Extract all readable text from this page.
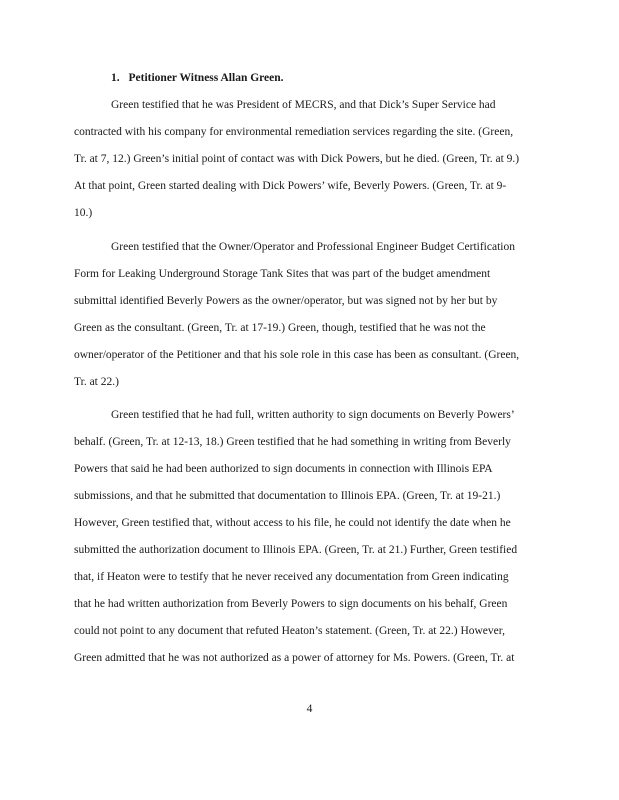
1. Petitioner Witness Allan Green.
Green testified that he was President of MECRS, and that Dick’s Super Service had
contracted with his company for environmental remediation services regarding the site. (Green,
Tr. at 7, 12.) Green’s initial point of contact was with Dick Powers, but he died. (Green, Tr. at 9.)
At that point, Green started dealing with Dick Powers’ wife, Beverly Powers. (Green, Tr. at 9-
10.)
Green testified that the Owner/Operator and Professional Engineer Budget Certification
Form for Leaking Underground Storage Tank Sites that was part of the budget amendment
submittal identified Beverly Powers as the owner/operator, but was signed not by her but by
Green as the consultant. (Green, Tr. at 17-19.) Green, though, testified that he was not the
owner/operator of the Petitioner and that his sole role in this case has been as consultant. (Green,
Tr. at 22.)
Green testified that he had full, written authority to sign documents on Beverly Powers’
behalf. (Green, Tr. at 12-13, 18.) Green testified that he had something in writing from Beverly
Powers that said he had been authorized to sign documents in connection with Illinois EPA
submissions, and that he submitted that documentation to Illinois EPA. (Green, Tr. at 19-21.)
However, Green testified that, without access to his file, he could not identify the date when he
submitted the authorization document to Illinois EPA. (Green, Tr. at 21.) Further, Green testified
that, if Heaton were to testify that he never received any documentation from Green indicating
that he had written authorization from Beverly Powers to sign documents on his behalf, Green
could not point to any document that refuted Heaton’s statement. (Green, Tr. at 22.) However,
Green admitted that he was not authorized as a power of attorney for Ms. Powers. (Green, Tr. at
4
